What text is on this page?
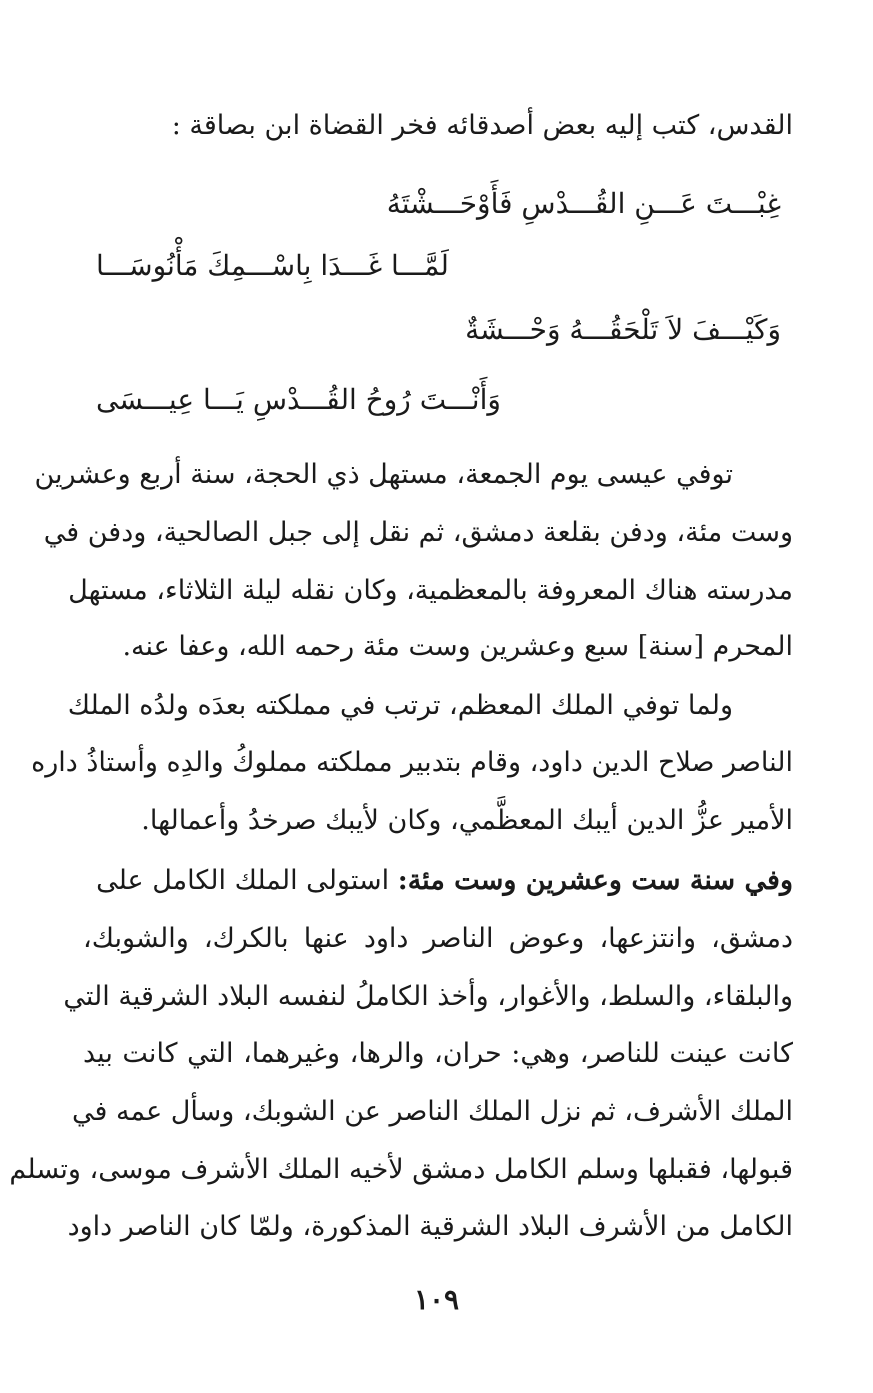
القدس، كتب إليه بعض أصدقائه فخر القضاة ابن بصاقة :
غِبْـــتَ عَـــنِ القُـــدْسِ فَأَوْحَـــشْتَهُ
لَمَّـــا غَـــدَا بِاسْـــمِكَ مَأْنُوسَـــا
وَكَيْـــفَ لاَ تَلْحَقُـــهُ وَحْـــشَةٌ
وَأَنْـــتَ رُوحُ القُـــدْسِ يَـــا عِيـــسَى
توفي عيسى يوم الجمعة، مستهل ذي الحجة، سنة أربع وعشرين
وست مئة، ودفن بقلعة دمشق، ثم نقل إلى جبل الصالحية، ودفن في
مدرسته هناك المعروفة بالمعظمية، وكان نقله ليلة الثلاثاء، مستهل
المحرم [سنة] سبع وعشرين وست مئة رحمه الله، وعفا عنه.
ولما توفي الملك المعظم، ترتب في مملكته بعدَه ولدُه الملك
الناصر صلاح الدين داود، وقام بتدبير مملكته مملوكُ والدِه وأستاذُ داره
الأمير عزُّ الدين أيبك المعظَّمي، وكان لأيبك صرخدُ وأعمالها.
وفي سنة ست وعشرين وست مئة: استولى الملك الكامل على
دمشق، وانتزعها، وعوض الناصر داود عنها بالكرك، والشوبك،
والبلقاء، والسلط، والأغوار، وأخذ الكاملُ لنفسه البلاد الشرقية التي
كانت عينت للناصر، وهي: حران، والرها، وغيرهما، التي كانت بيد
الملك الأشرف، ثم نزل الملك الناصر عن الشوبك، وسأل عمه في
قبولها، فقبلها وسلم الكامل دمشق لأخيه الملك الأشرف موسى، وتسلم
الكامل من الأشرف البلاد الشرقية المذكورة، ولمّا كان الناصر داود
١٠٩
